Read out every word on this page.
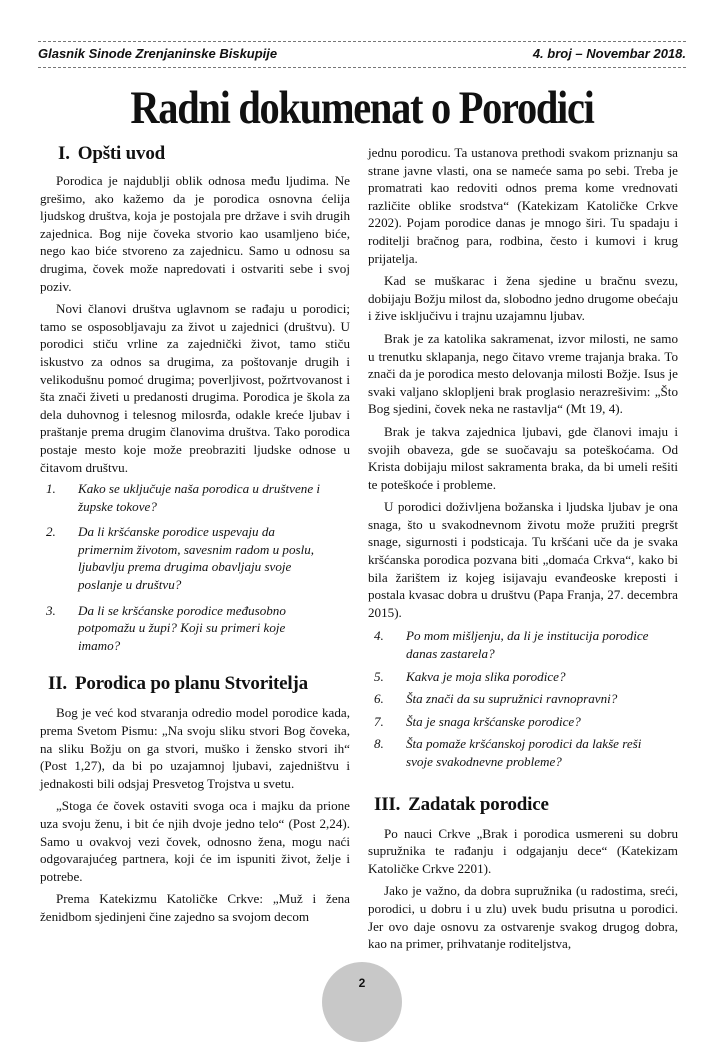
Glasnik Sinode Zrenjaninske Biskupije	4. broj – Novembar 2018.
Radni dokumenat o Porodici
I. Opšti uvod

Porodica je najdublji oblik odnosa među ljudima. Ne grešimo, ako kažemo da je porodica osnovna ćelija ljudskog društva, koja je postojala pre države i svih drugih zajednica. Bog nije čoveka stvorio kao usamljeno biće, nego kao biće stvoreno za zajednicu. Samo u odnosu sa drugima, čovek može napredovati i ostvariti sebe i svoj poziv.

Novi članovi društva uglavnom se rađaju u porodici; tamo se osposobljavaju za život u zajednici (društvu). U porodici stiču vrline za zajednički život, tamo stiču iskustvo za odnos sa drugima, za poštovanje drugih i velikodušnu pomoć drugima; poverljivost, požrtvovanost i šta znači živeti u predanosti drugima. Porodica je škola za dela duhovnog i telesnog milosrđa, odakle kreće ljubav i praštanje prema drugim članovima društva. Tako porodica postaje mesto koje može preobraziti ljudske odnose u čitavom društvu.

1.	Kako se uključuje naša porodica u društvene i župske tokove?
2.	Da li kršćanske porodice uspevaju da primernim životom, savesnim radom u poslu, ljubavlju prema drugima obavljaju svoje poslanje u društvu?
3.	Da li se kršćanske porodice međusobno potpomažu u župi? Koji su primeri koje imamo?
II. Porodica po planu Stvoritelja

Bog je već kod stvaranja odredio model porodice kada, prema Svetom Pismu: „Na svoju sliku stvori Bog čoveka, na sliku Božju on ga stvori, muško i žensko stvori ih“ (Post 1,27), da bi po uzajamnoj ljubavi, zajedništvu i jednakosti bili odsjaj Presvetog Trojstva u svetu.

„Stoga će čovek ostaviti svoga oca i majku da prione uza svoju ženu, i bit će njih dvoje jedno telo“ (Post 2,24). Samo u ovakvoj vezi čovek, odnosno žena, mogu naći odgovarajućeg partnera, koji će im ispuniti život, želje i potrebe.

Prema Katekizmu Katoličke Crkve: „Muž i žena ženidbom sjedinjeni čine zajedno sa svojom decom

jednu porodicu. Ta ustanova prethodi svakom priznanju sa strane javne vlasti, ona se nameće sama po sebi. Treba je promatrati kao redoviti odnos prema kome vrednovati različite oblike srodstva“ (Katekizam Katoličke Crkve 2202). Pojam porodice danas je mnogo širi. Tu spadaju i roditelji bračnog para, rodbina, često i kumovi i krug prijatelja.

Kad se muškarac i žena sjedine u bračnu svezu, dobijaju Božju milost da, slobodno jedno drugome obećaju i žive isključivu i trajnu uzajamnu ljubav.

Brak je za katolika sakramenat, izvor milosti, ne samo u trenutku sklapanja, nego čitavo vreme trajanja braka. To znači da je porodica mesto delovanja milosti Božje. Isus je svaki valjano sklopljeni brak proglasio nerazrešivim: „Što Bog sjedini, čovek neka ne rastavlja“ (Mt 19, 4).

Brak je takva zajednica ljubavi, gde članovi imaju i svojih obaveza, gde se suočavaju sa poteškoćama. Od Krista dobijaju milost sakramenta braka, da bi umeli rešiti te poteškoće i probleme.

U porodici doživljena božanska i ljudska ljubav je ona snaga, što u svakodnevnom životu može pružiti pregršt snage, sigurnosti i podsticaja. Tu kršćani uče da je svaka kršćanska porodica pozvana biti „domaća Crkva“, kako bi bila žarištem iz kojeg isijavaju evanđeoske kreposti i postala kvasac dobra u društvu (Papa Franja, 27. decembra 2015).

4.	Po mom mišljenju, da li je institucija porodice danas zastarela?
5.	Kakva je moja slika porodice?
6.	Šta znači da su supružnici ravnopravni?
7.	Šta je snaga kršćanske porodice?
8.	Šta pomaže kršćanskoj porodici da lakše reši svoje svakodnevne probleme?
III. Zadatak porodice

Po nauci Crkve „Brak i porodica usmereni su dobru supružnika te rađanju i odgajanju dece“ (Katekizam Katoličke Crkve 2201).

Jako je važno, da dobra supružnika (u radostima, sreći, porodici, u dobru i u zlu) uvek budu prisutna u porodici. Jer ovo daje osnovu za ostvarenje svakog drugog dobra, kao na primer, prihvatanje roditeljstva,

2
